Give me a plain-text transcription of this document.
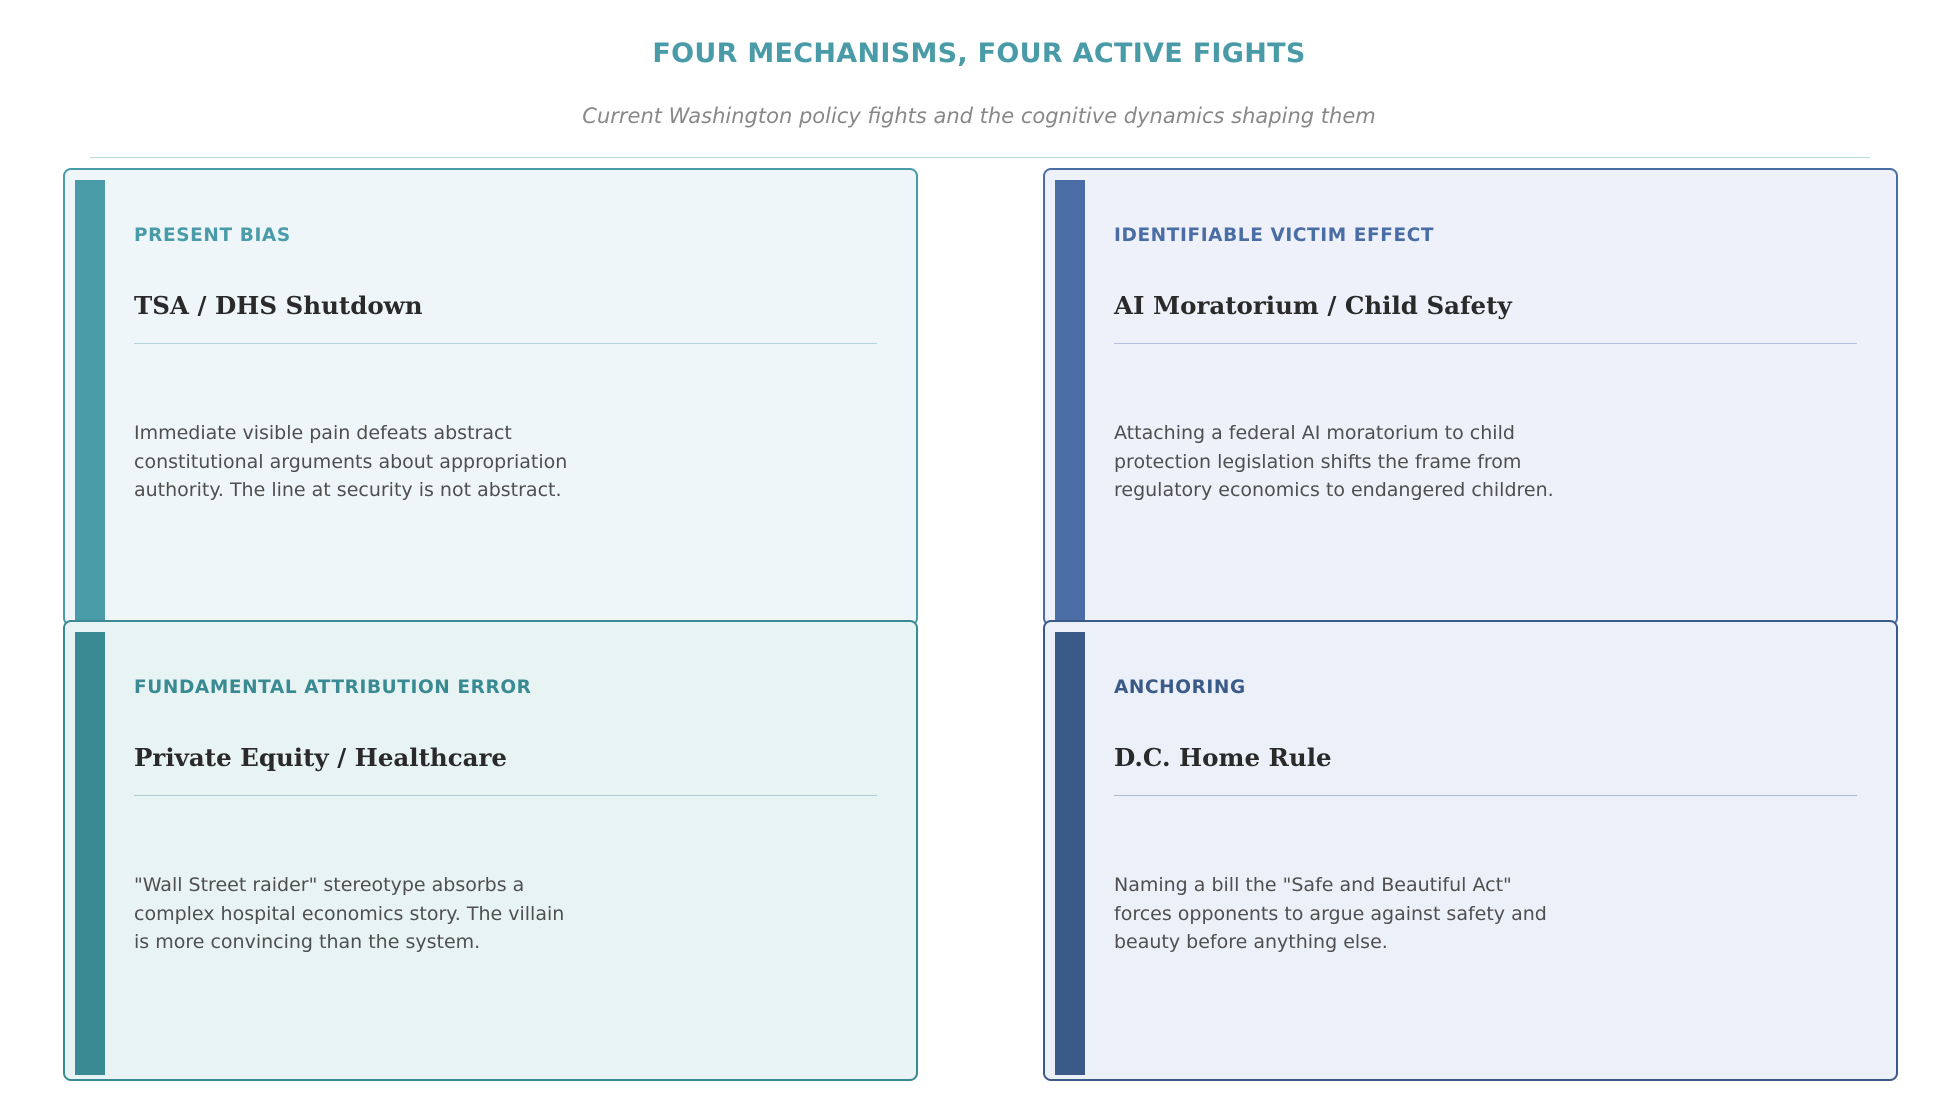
FOUR MECHANISMS, FOUR ACTIVE FIGHTS
Current Washington policy fights and the cognitive dynamics shaping them
PRESENT BIAS
TSA / DHS Shutdown
Immediate visible pain defeats abstract
constitutional arguments about appropriation
authority. The line at security is not abstract.
IDENTIFIABLE VICTIM EFFECT
AI Moratorium / Child Safety
Attaching a federal AI moratorium to child
protection legislation shifts the frame from
regulatory economics to endangered children.
FUNDAMENTAL ATTRIBUTION ERROR
Private Equity / Healthcare
"Wall Street raider" stereotype absorbs a
complex hospital economics story. The villain
is more convincing than the system.
ANCHORING
D.C. Home Rule
Naming a bill the "Safe and Beautiful Act"
forces opponents to argue against safety and
beauty before anything else.
